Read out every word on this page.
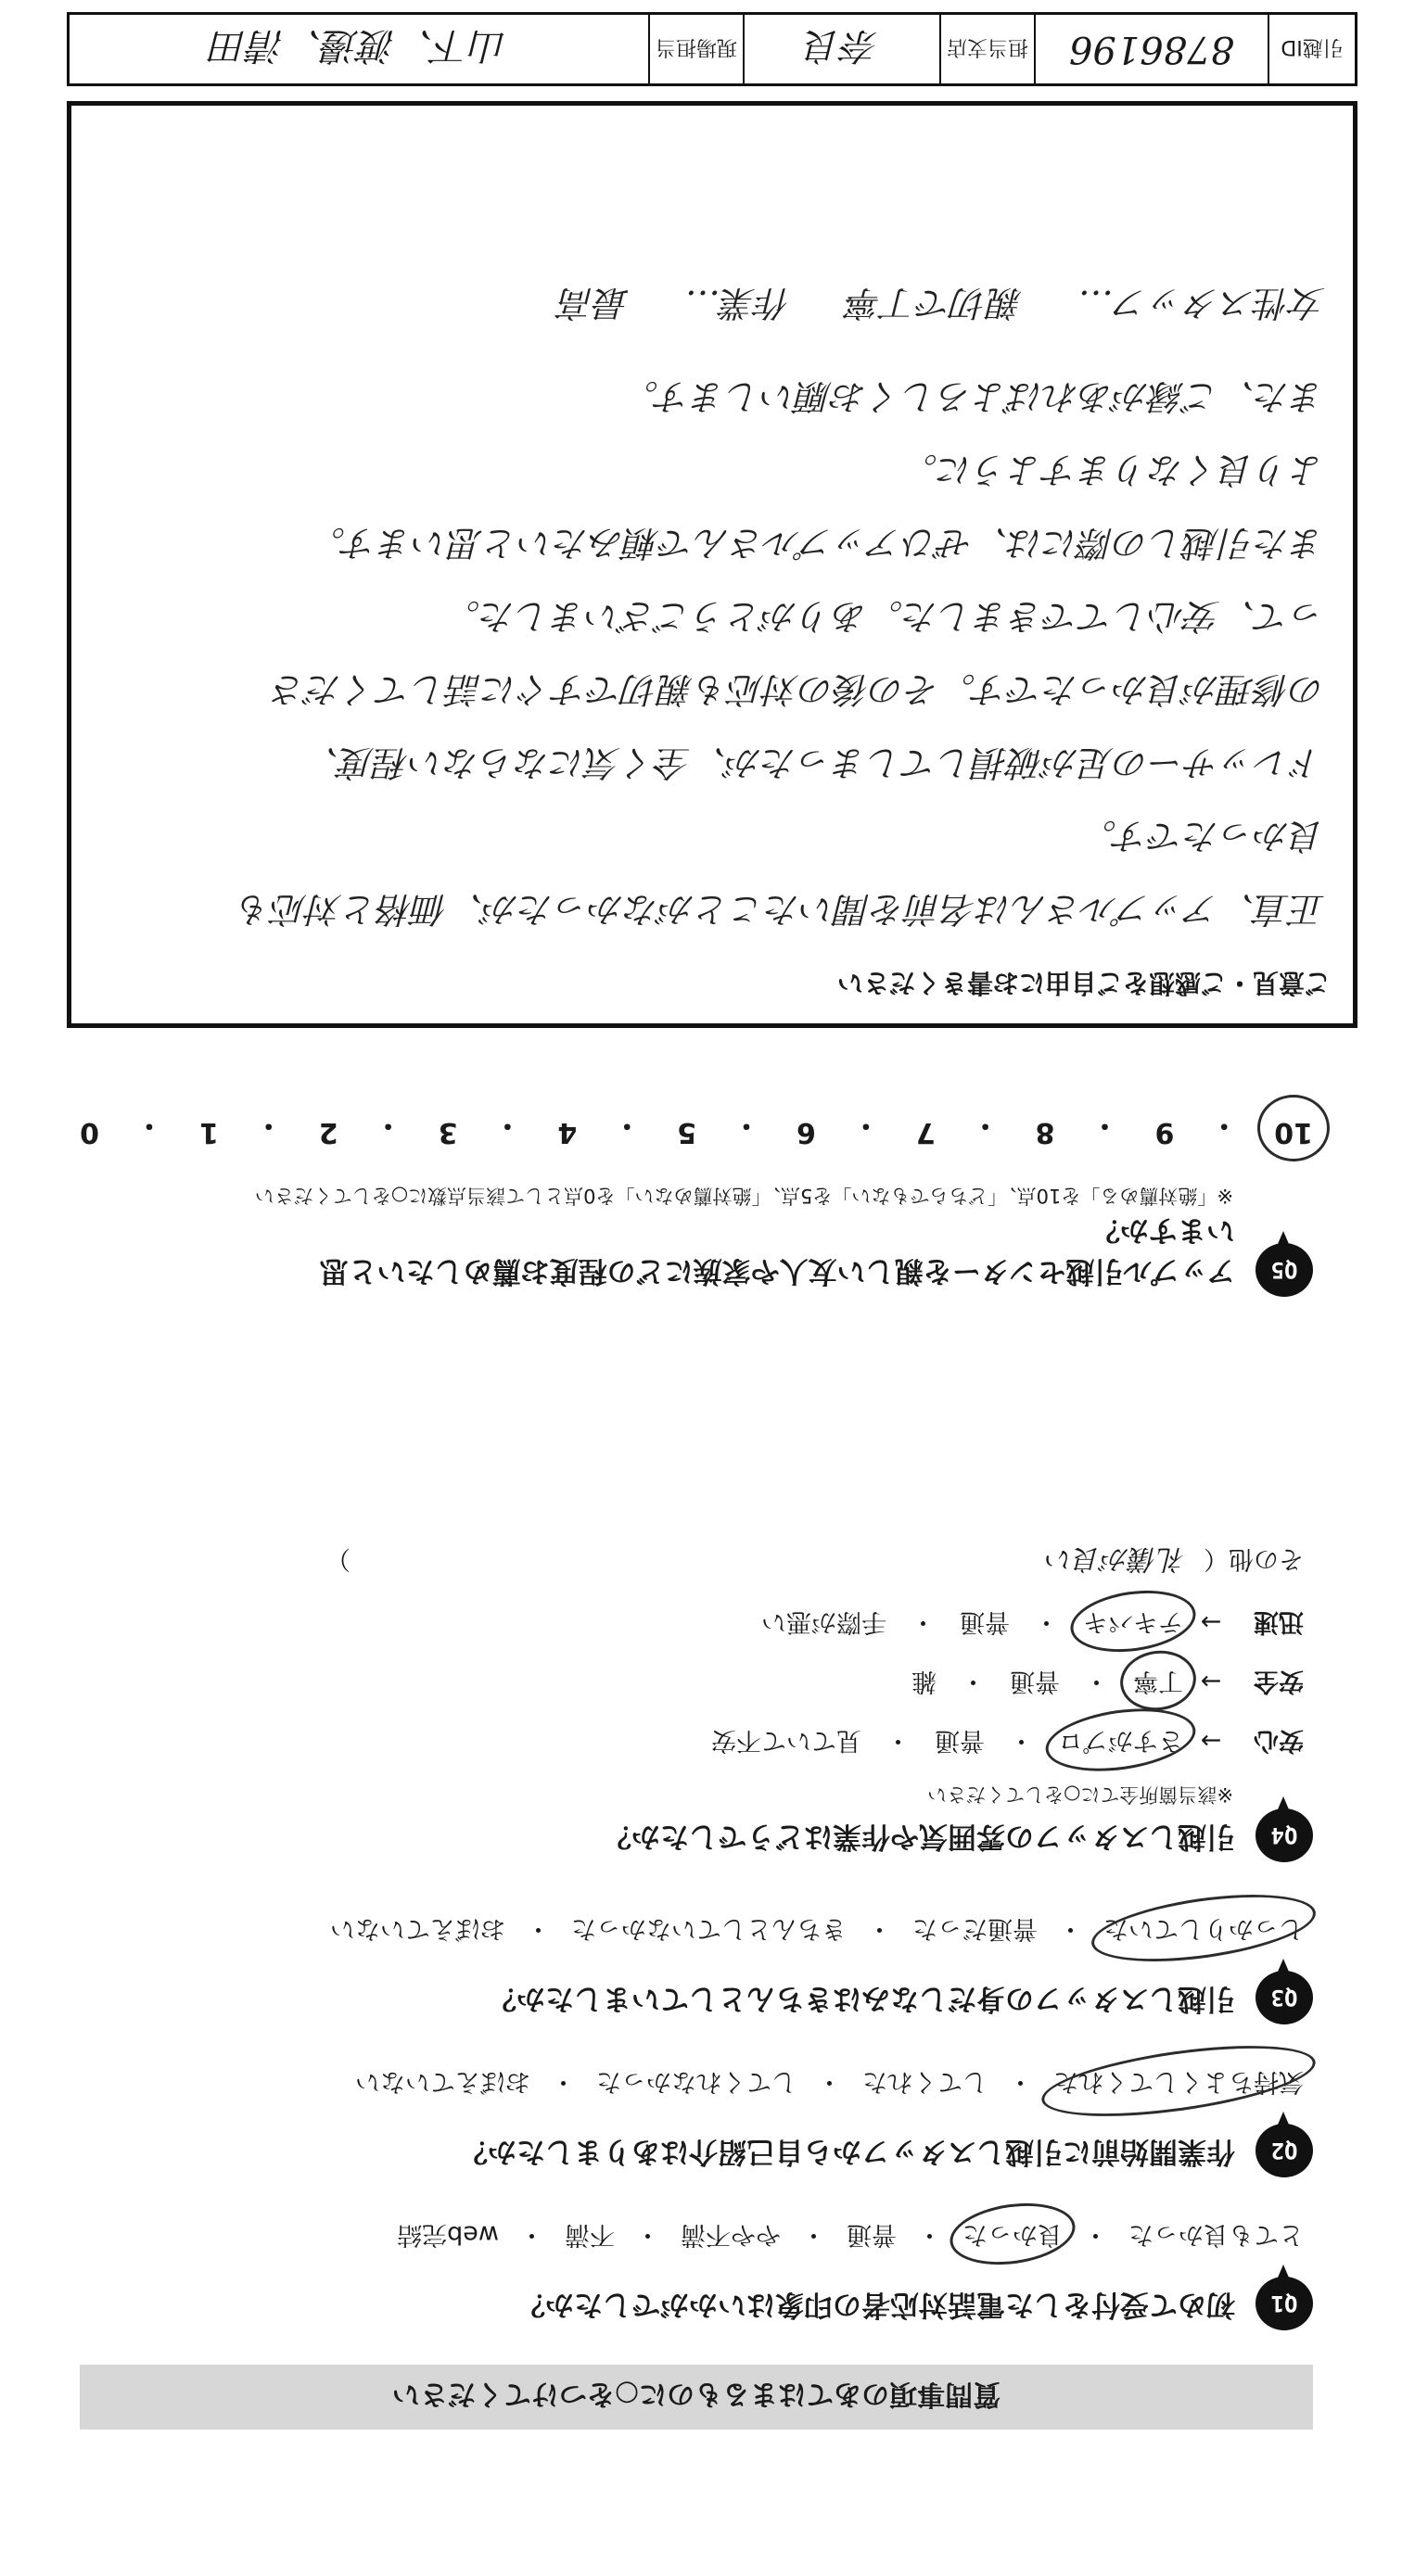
質問事項のあてはまるものに○をつけてください
Q1
初めて受付をした電話対応者の印象はいかがでしたか？
とても良かった
・
良かった
・
普通
・
やや不満
・
不満
・
web完結
Q2
作業開始前に引越しスタッフから自己紹介はありましたか？
気持ちよくしてくれた
・
してくれた
・
してくれなかった
・
おぼえていない
Q3
引越しスタッフの身だしなみはきちんとしていましたか？
しっかりしていた
・
普通だった
・
きちんとしていなかった
・
おぼえていない
Q4
引越しスタッフの雰囲気や作業はどうでしたか？
※該当箇所全てに○をしてください
安心
→
さすがプロ
・
普通
・
見ていて不安
安全
→
丁寧
・
普通
・
雑
迅速
→
テキパキ
・
普通
・
手際が悪い
その他（
礼儀が良い
）
Q5
アップル引越センターを親しい友人や家族にどの程度お薦めしたいと思いますか？
※「絶対薦める」を10点、「どちらでもない」を5点、「絶対薦めない」を0点として該当点数に○をしてください
10
・
9
・
8
・
7
・
6
・
5
・
4
・
3
・
2
・
1
・
0
ご意見・ご感想をご自由にお書きください
正直、アップルさんは名前を聞いたことがなかったが、価格と対応も
良かったです。
ドレッサーの足が破損してしまったが、全く気にならない程度、
の修理が良かったです。その後の対応も親切ですぐに話してくださ
って、安心してできました。ありがとうございました。
また引越しの際には、ぜひアップルさんで頼みたいと思います。
より良くなりますように。
また、ご縁があればよろしくお願いします。
女性スタッフ…
親切で丁寧
作業…
最高
引越ID
8786196
担当支店
奈良
現場担当
山下、渡邊、清田
